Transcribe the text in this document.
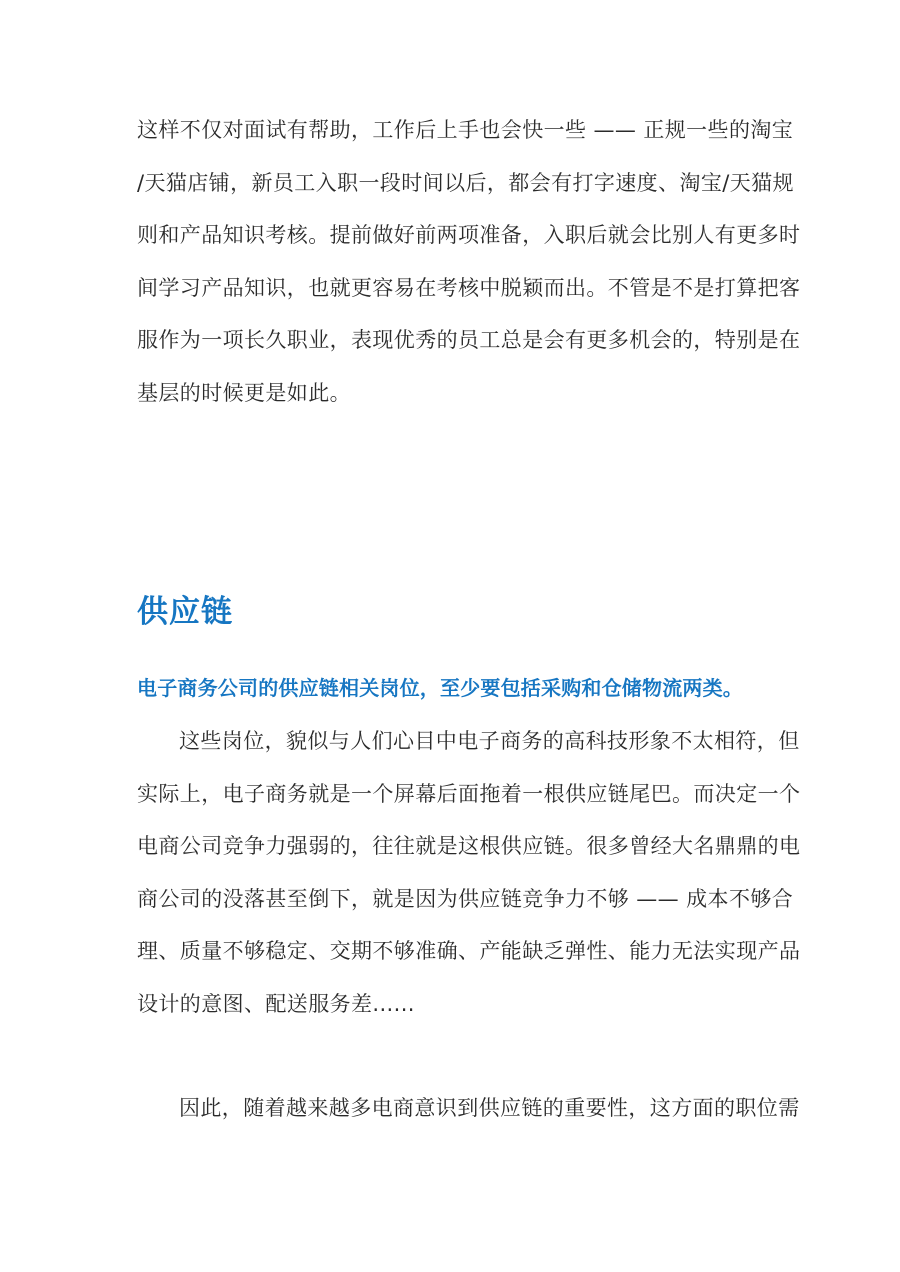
这样不仅对面试有帮助，工作后上手也会快一些 —— 正规一些的淘宝
/天猫店铺，新员工入职一段时间以后，都会有打字速度、淘宝/天猫规
则和产品知识考核。提前做好前两项准备，入职后就会比别人有更多时
间学习产品知识，也就更容易在考核中脱颖而出。不管是不是打算把客
服作为一项长久职业，表现优秀的员工总是会有更多机会的，特别是在
基层的时候更是如此。

供应链

电子商务公司的供应链相关岗位，至少要包括采购和仓储物流两类。

这些岗位，貌似与人们心目中电子商务的高科技形象不太相符，但
实际上，电子商务就是一个屏幕后面拖着一根供应链尾巴。而决定一个
电商公司竞争力强弱的，往往就是这根供应链。很多曾经大名鼎鼎的电
商公司的没落甚至倒下，就是因为供应链竞争力不够 —— 成本不够合
理、质量不够稳定、交期不够准确、产能缺乏弹性、能力无法实现产品
设计的意图、配送服务差......

因此，随着越来越多电商意识到供应链的重要性，这方面的职位需
